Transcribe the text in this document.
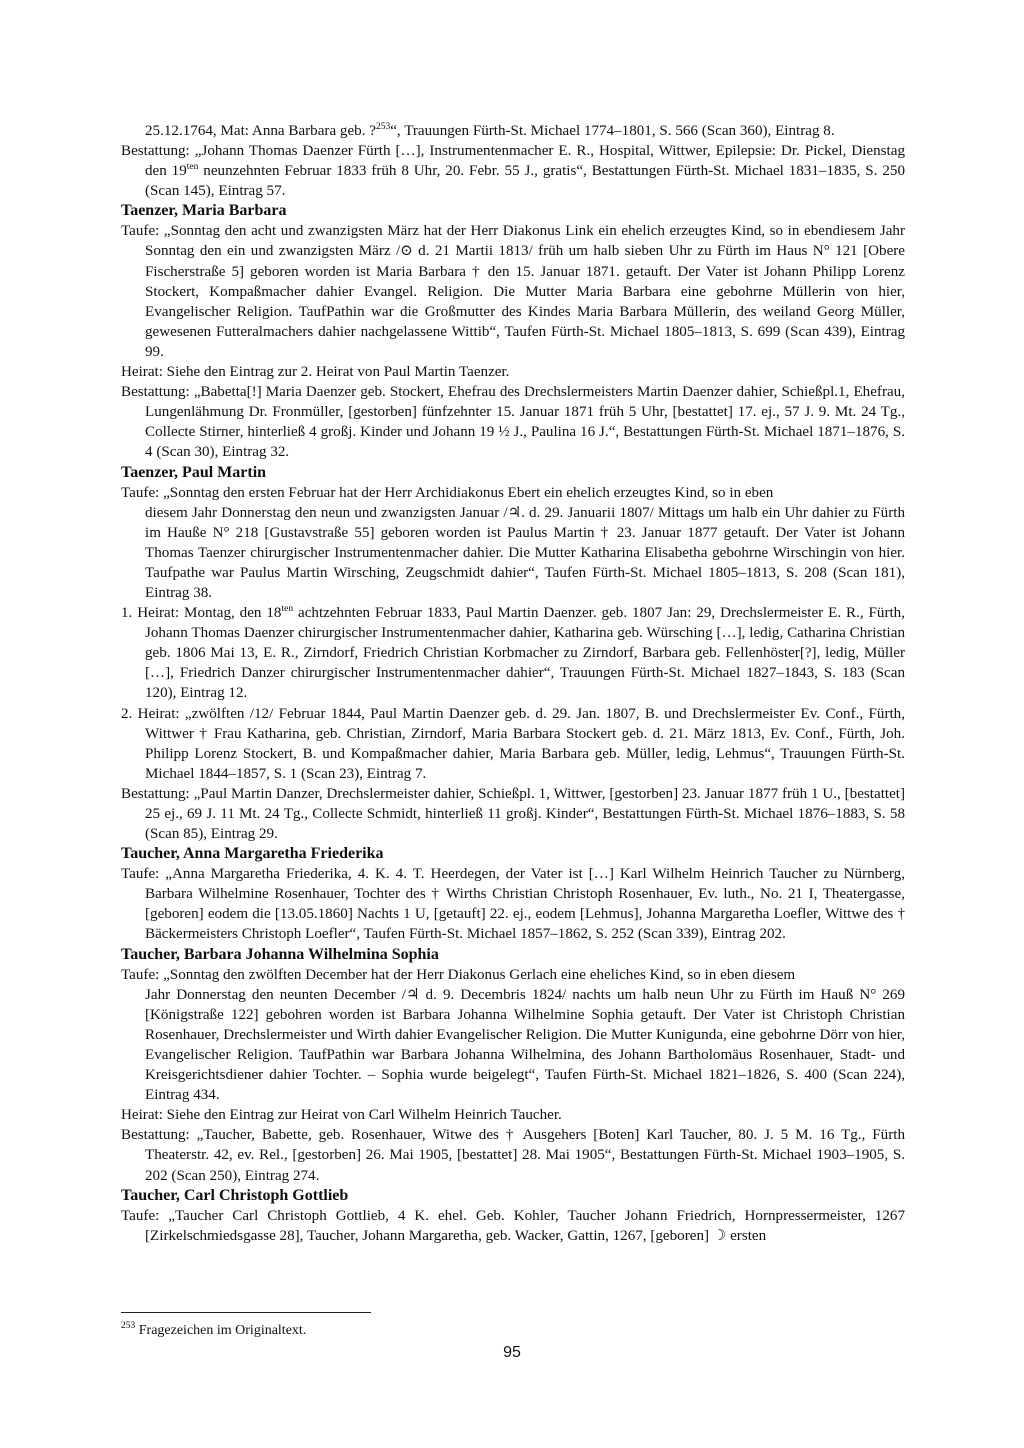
25.12.1764, Mat: Anna Barbara geb. ?$^{253}$“, Trauungen Fürth-St. Michael 1774–1801, S. 566 (Scan 360), Eintrag 8.

Bestattung: „Johann Thomas Daenzer Fürth […], Instrumentenmacher E. R., Hospital, Wittwer, Epilepsie: Dr. Pickel, Dienstag den $19^{ten}$ neunzehnten Februar 1833 früh 8 Uhr, 20. Febr. 55 J., gratis“, Bestattungen Fürth-St. Michael 1831–1835, S. 250 (Scan 145), Eintrag 57.

Taenzer, Maria Barbara

Taufe: „Sonntag den acht und zwanzigsten März hat der Herr Diakonus Link ein ehelich erzeugtes Kind, so in ebendiesem Jahr Sonntag den ein und zwanzigsten März /⊙ d. 21 Martii 1813/ früh um halb sieben Uhr zu Fürth im Haus N° 121 [Obere Fischerstraße 5] geboren worden ist Maria Barbara † den 15. Januar 1871. getauft. Der Vater ist Johann Philipp Lorenz Stockert, Kompaßmacher dahier Evangel. Religion. Die Mutter Maria Barbara eine gebohrne Müllerin von hier, Evangelischer Religion. TaufPathin war die Großmutter des Kindes Maria Barbara Müllerin, des weiland Georg Müller, gewesenen Futteralmachers dahier nachgelassene Wittib“, Taufen Fürth-St. Michael 1805–1813, S. 699 (Scan 439), Eintrag 99.

Heirat: Siehe den Eintrag zur 2. Heirat von Paul Martin Taenzer.

Bestattung: „Babetta[!] Maria Daenzer geb. Stockert, Ehefrau des Drechslermeisters Martin Daenzer dahier, Schießpl.1, Ehefrau, Lungenlähmung Dr. Fronmüller, [gestorben] fünfzehnter 15. Januar 1871 früh 5 Uhr, [bestattet] 17. ej., 57 J. 9. Mt. 24 Tg., Collecte Stirner, hinterließ 4 großj. Kinder und Johann 19 ½ J., Paulina 16 J.“, Bestattungen Fürth-St. Michael 1871–1876, S. 4 (Scan 30), Eintrag 32.

Taenzer, Paul Martin

Taufe: „Sonntag den ersten Februar hat der Herr Archidiakonus Ebert ein ehelich erzeugtes Kind, so in eben

diesem Jahr Donnerstag den neun und zwanzigsten Januar /♃. d. 29. Januarii 1807/ Mittags um halb ein Uhr dahier zu Fürth im Hauße N° 218 [Gustavstraße 55] geboren worden ist Paulus Martin † 23. Januar 1877 getauft. Der Vater ist Johann Thomas Taenzer chirurgischer Instrumentenmacher dahier. Die Mutter Katharina Elisabetha gebohrne Wirschingin von hier. Taufpathe war Paulus Martin Wirsching, Zeugschmidt dahier“, Taufen Fürth-St. Michael 1805–1813, S. 208 (Scan 181), Eintrag 38.

1. Heirat: Montag, den $18^{ten}$ achtzehnten Februar 1833, Paul Martin Daenzer. geb. 1807 Jan: 29, Drechslermeister E. R., Fürth, Johann Thomas Daenzer chirurgischer Instrumentenmacher dahier, Katharina geb. Würsching […], ledig, Catharina Christian geb. 1806 Mai 13, E. R., Zirndorf, Friedrich Christian Korbmacher zu Zirndorf, Barbara geb. Fellenhöster[?], ledig, Müller […], Friedrich Danzer chirurgischer Instrumentenmacher dahier“, Trauungen Fürth-St. Michael 1827–1843, S. 183 (Scan 120), Eintrag 12.

2. Heirat: „zwölften /12/ Februar 1844, Paul Martin Daenzer geb. d. 29. Jan. 1807, B. und Drechslermeister Ev. Conf., Fürth, Wittwer † Frau Katharina, geb. Christian, Zirndorf, Maria Barbara Stockert geb. d. 21. März 1813, Ev. Conf., Fürth, Joh. Philipp Lorenz Stockert, B. und Kompaßmacher dahier, Maria Barbara geb. Müller, ledig, Lehmus“, Trauungen Fürth-St. Michael 1844–1857, S. 1 (Scan 23), Eintrag 7.

Bestattung: „Paul Martin Danzer, Drechslermeister dahier, Schießpl. 1, Wittwer, [gestorben] 23. Januar 1877 früh 1 U., [bestattet] 25 ej., 69 J. 11 Mt. 24 Tg., Collecte Schmidt, hinterließ 11 großj. Kinder“, Bestattungen Fürth-St. Michael 1876–1883, S. 58 (Scan 85), Eintrag 29.

Taucher, Anna Margaretha Friederika

Taufe: „Anna Margaretha Friederika, 4. K. 4. T. Heerdegen, der Vater ist […] Karl Wilhelm Heinrich Taucher zu Nürnberg, Barbara Wilhelmine Rosenhauer, Tochter des † Wirths Christian Christoph Rosenhauer, Ev. luth., No. 21 I, Theatergasse, [geboren] eodem die [13.05.1860] Nachts 1 U, [getauft] 22. ej., eodem [Lehmus], Johanna Margaretha Loefler, Wittwe des † Bäckermeisters Christoph Loefler“, Taufen Fürth-St. Michael 1857–1862, S. 252 (Scan 339), Eintrag 202.

Taucher, Barbara Johanna Wilhelmina Sophia

Taufe: „Sonntag den zwölften December hat der Herr Diakonus Gerlach eine eheliches Kind, so in eben diesem

Jahr Donnerstag den neunten December /♃ d. 9. Decembris 1824/ nachts um halb neun Uhr zu Fürth im Hauß N° 269 [Königstraße 122] gebohren worden ist Barbara Johanna Wilhelmine Sophia getauft. Der Vater ist Christoph Christian Rosenhauer, Drechslermeister und Wirth dahier Evangelischer Religion. Die Mutter Kunigunda, eine gebohrne Dörr von hier, Evangelischer Religion. TaufPathin war Barbara Johanna Wilhelmina, des Johann Bartholomäus Rosenhauer, Stadt- und Kreisgerichtsdiener dahier Tochter. – Sophia wurde beigelegt“, Taufen Fürth-St. Michael 1821–1826, S. 400 (Scan 224), Eintrag 434.

Heirat: Siehe den Eintrag zur Heirat von Carl Wilhelm Heinrich Taucher.

Bestattung: „Taucher, Babette, geb. Rosenhauer, Witwe des † Ausgehers [Boten] Karl Taucher, 80. J. 5 M. 16 Tg., Fürth Theaterstr. 42, ev. Rel., [gestorben] 26. Mai 1905, [bestattet] 28. Mai 1905“, Bestattungen Fürth-St. Michael 1903–1905, S. 202 (Scan 250), Eintrag 274.

Taucher, Carl Christoph Gottlieb

Taufe: „Taucher Carl Christoph Gottlieb, 4 K. ehel. Geb. Kohler, Taucher Johann Friedrich, Hornpressermeister, 1267 [Zirkelschmiedsgasse 28], Taucher, Johann Margaretha, geb. Wacker, Gattin, 1267, [geboren] ☽ ersten

$^{253}$ Fragezeichen im Originaltext.
95
